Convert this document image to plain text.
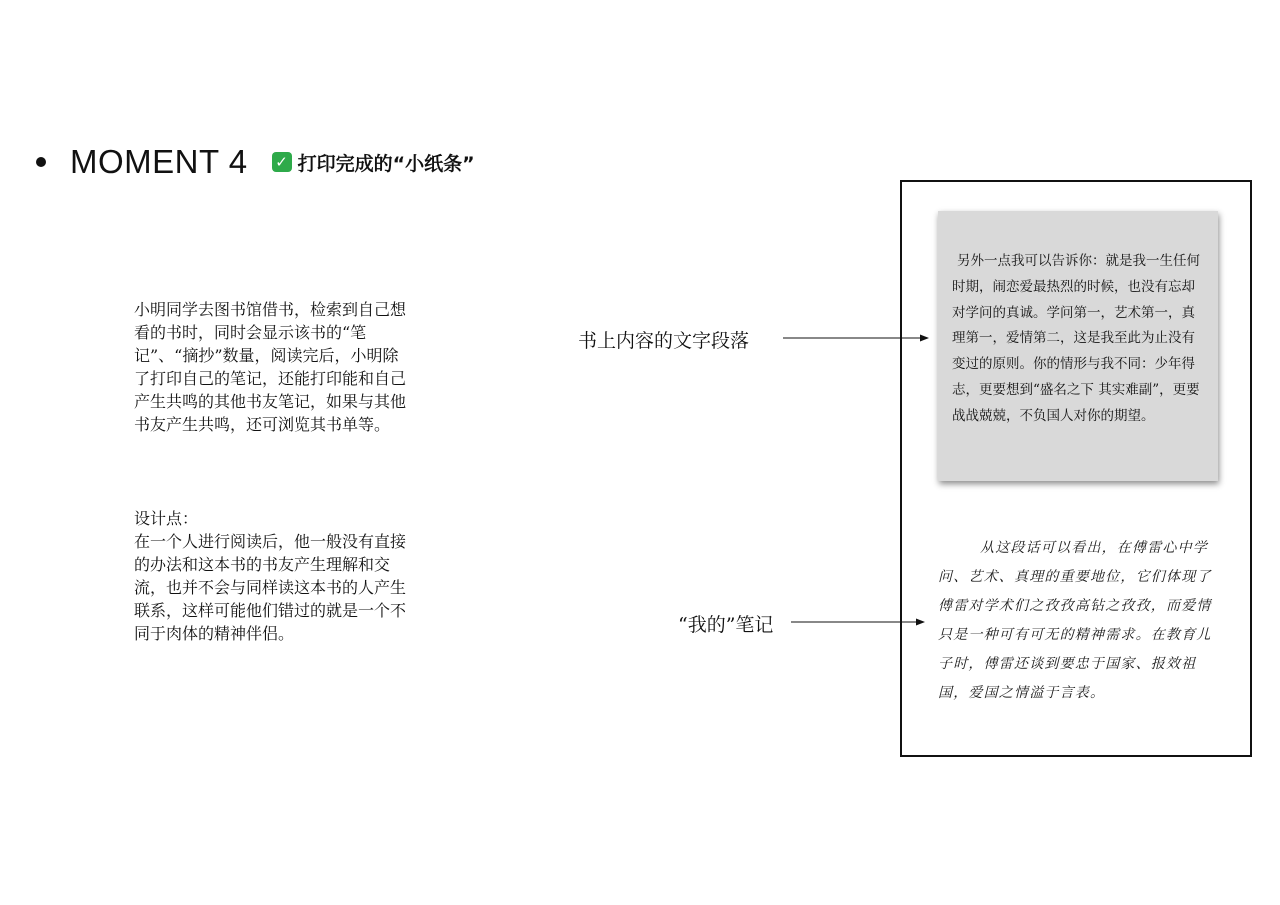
MOMENT 4 ✓ 打印完成的“小纸条”

小明同学去图书馆借书，检索到自己想看的书时，同时会显示该书的“笔记”、“摘抄”数量，阅读完后，小明除了打印自己的笔记，还能打印能和自己产生共鸣的其他书友笔记，如果与其他书友产生共鸣，还可浏览其书单等。

设计点：

在一个人进行阅读后，他一般没有直接的办法和这本书的书友产生理解和交流，也并不会与同样读这本书的人产生联系，这样可能他们错过的就是一个不同于肉体的精神伴侣。

书上内容的文字段落
“我的”笔记

另外一点我可以告诉你：就是我一生任何时期，闹恋爱最热烈的时候，也没有忘却对学问的真诚。学问第一，艺术第一，真理第一，爱情第二，这是我至此为止没有变过的原则。你的情形与我不同：少年得志，更要想到“盛名之下 其实难副”，更要战战兢兢，不负国人对你的期望。

从这段话可以看出，在傅雷心中学问、艺术、真理的重要地位，它们体现了傅雷对学术们之孜孜高钻之孜孜，而爱情只是一种可有可无的精神需求。在教育儿子时，傅雷还谈到要忠于国家、报效祖国，爱国之情溢于言表。
